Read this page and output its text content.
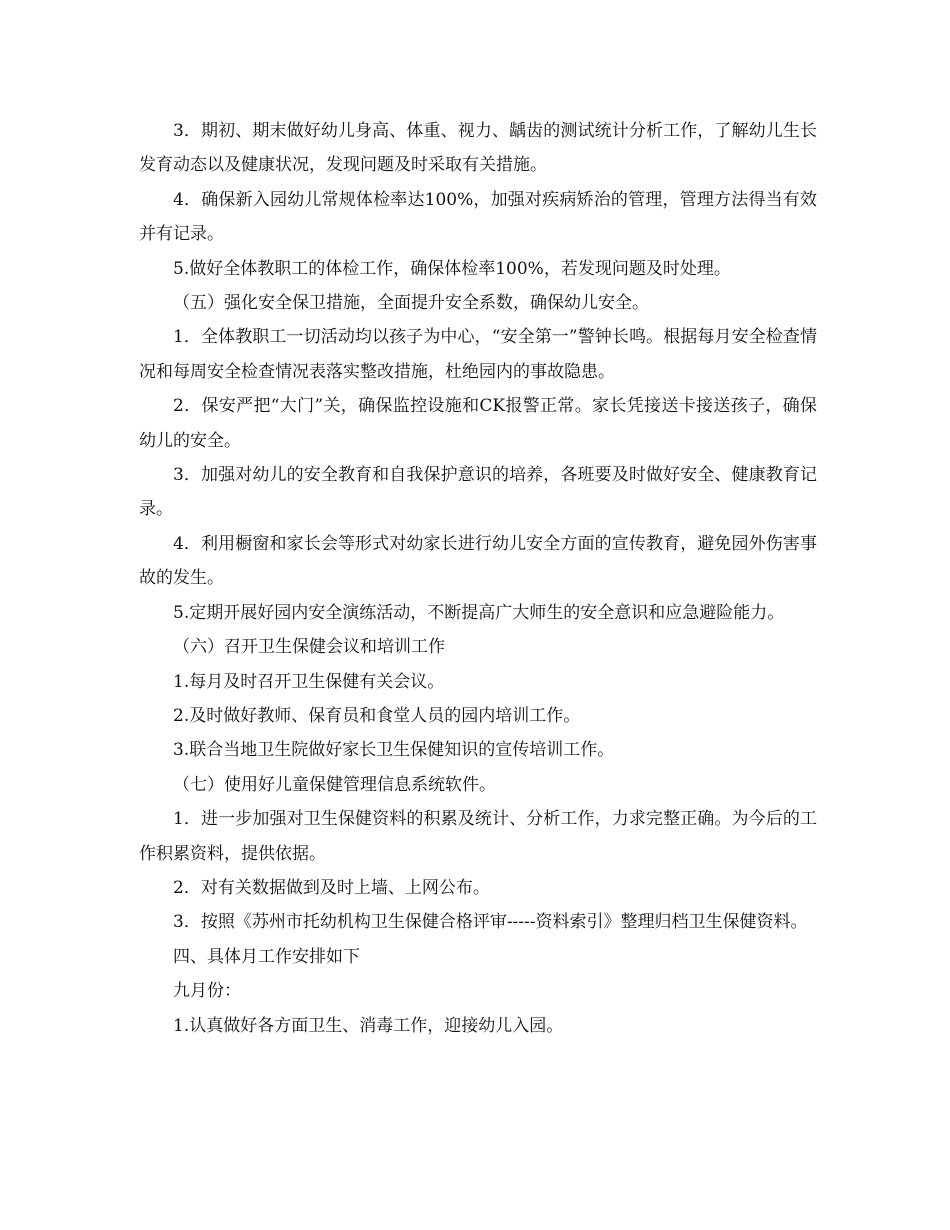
3．期初、期末做好幼儿身高、体重、视力、龋齿的测试统计分析工作，了解幼儿生长发育动态以及健康状况，发现问题及时采取有关措施。

4．确保新入园幼儿常规体检率达100%，加强对疾病矫治的管理，管理方法得当有效并有记录。

5.做好全体教职工的体检工作，确保体检率100%，若发现问题及时处理。

（五）强化安全保卫措施，全面提升安全系数，确保幼儿安全。

1．全体教职工一切活动均以孩子为中心，“安全第一”警钟长鸣。根据每月安全检查情况和每周安全检查情况表落实整改措施，杜绝园内的事故隐患。

2．保安严把“大门”关，确保监控设施和CK报警正常。家长凭接送卡接送孩子，确保幼儿的安全。

3．加强对幼儿的安全教育和自我保护意识的培养，各班要及时做好安全、健康教育记录。

4．利用橱窗和家长会等形式对幼家长进行幼儿安全方面的宣传教育，避免园外伤害事故的发生。

5.定期开展好园内安全演练活动，不断提高广大师生的安全意识和应急避险能力。

（六）召开卫生保健会议和培训工作

1.每月及时召开卫生保健有关会议。

2.及时做好教师、保育员和食堂人员的园内培训工作。

3.联合当地卫生院做好家长卫生保健知识的宣传培训工作。

（七）使用好儿童保健管理信息系统软件。

1．进一步加强对卫生保健资料的积累及统计、分析工作，力求完整正确。为今后的工作积累资料，提供依据。

2．对有关数据做到及时上墙、上网公布。

3．按照《苏州市托幼机构卫生保健合格评审-----资料索引》整理归档卫生保健资料。

四、具体月工作安排如下

九月份：

1.认真做好各方面卫生、消毒工作，迎接幼儿入园。
